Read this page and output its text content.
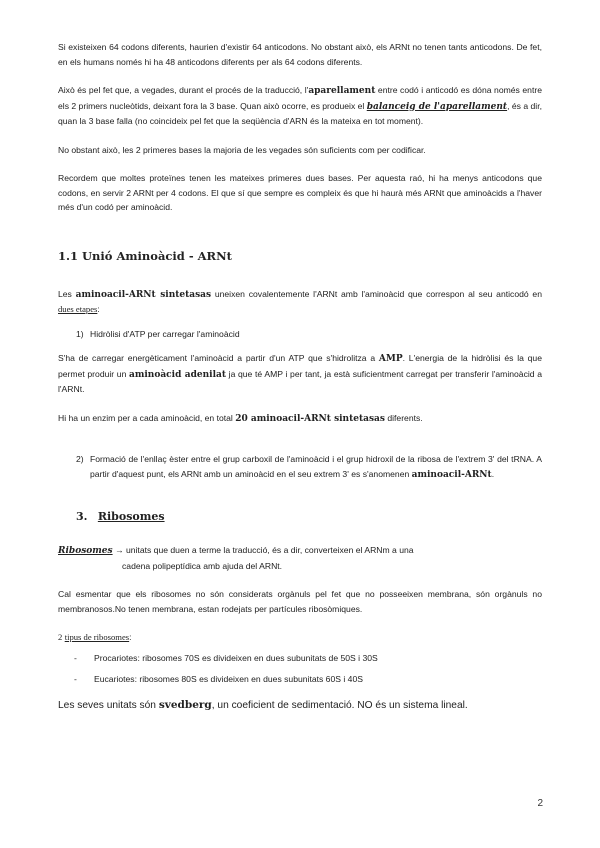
Si existeixen 64 codons diferents, haurien d'existir 64 anticodons. No obstant això, els ARNt no tenen tants anticodons. De fet, en els humans només hi ha 48 anticodons diferents per als 64 codons diferents.

Això és pel fet que, a vegades, durant el procés de la traducció, l'aparellament entre codó i anticodó es dóna només entre els 2 primers nucleòtids, deixant fora la 3 base. Quan això ocorre, es produeix el balanceig de l'aparellament, és a dir, quan la 3 base falla (no coincideix pel fet que la seqüència d'ARN és la mateixa en tot moment).

No obstant això, les 2 primeres bases la majoria de les vegades són suficients com per codificar.

Recordem que moltes proteïnes tenen les mateixes primeres dues bases. Per aquesta raó, hi ha menys anticodons que codons, en servir 2 ARNt per 4 codons. El que sí que sempre es compleix és que hi haurà més ARNt que aminoàcids a l'haver més d'un codó per aminoàcid.

1.1 Unió Aminoàcid - ARNt

Les aminoacil-ARNt sintetasas uneixen covalentemente l'ARNt amb l'aminoàcid que correspon al seu anticodó en dues etapes:

1) Hidròlisi d'ATP per carregar l'aminoàcid

S'ha de carregar energèticament l'aminoàcid a partir d'un ATP que s'hidrolitza a AMP. L'energia de la hidròlisi és la que permet produir un aminoàcid adenilat ja que té AMP i per tant, ja està suficientment carregat per transferir l'aminoàcid a l'ARNt.

Hi ha un enzim per a cada aminoàcid, en total 20 aminoacil-ARNt sintetasas diferents.

2) Formació de l'enllaç èster entre el grup carboxil de l'aminoàcid i el grup hidroxil de la ribosa de l'extrem 3' del tRNA. A partir d'aquest punt, els ARNt amb un aminoàcid en el seu extrem 3' es s'anomenen aminoacil-ARNt.
3. Ribosomes
Ribosomes → unitats que duen a terme la traducció, és a dir, converteixen el ARNm a una
cadena polipeptídica amb ajuda del ARNt.

Cal esmentar que els ribosomes no són considerats orgànuls pel fet que no posseeixen membrana, són orgànuls no membranosos.No tenen membrana, estan rodejats per partícules ribosòmiques.

2 tipus de ribosomes:

-	Procariotes: ribosomes 70S es divideixen en dues subunitats de 50S i 30S
-	Eucariotes: ribosomes 80S es divideixen en dues subunitats 60S i 40S

Les seves unitats són svedberg, un coeficient de sedimentació. NO és un sistema lineal.

2
